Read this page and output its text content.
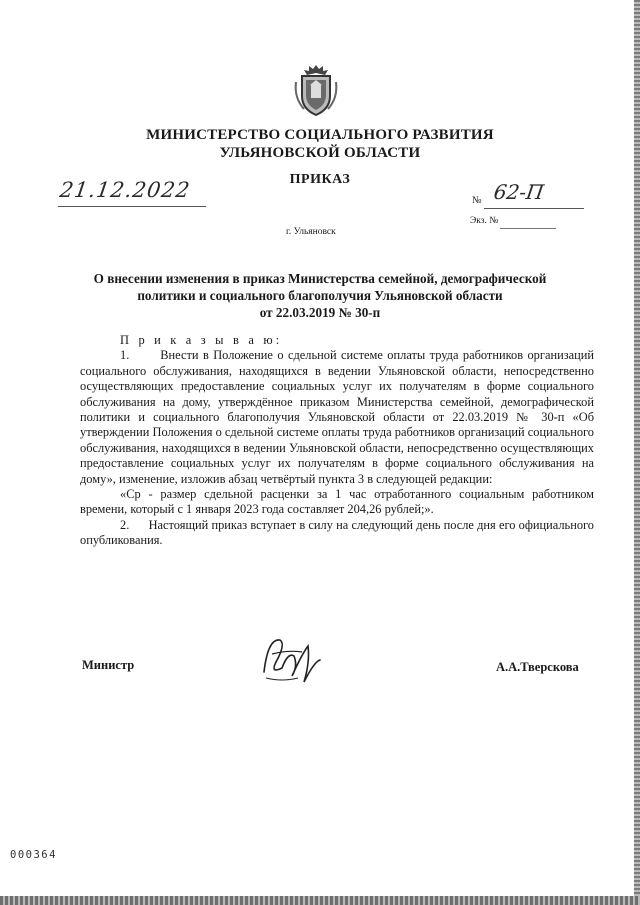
МИНИСТЕРСТВО СОЦИАЛЬНОГО РАЗВИТИЯ
УЛЬЯНОВСКОЙ ОБЛАСТИ
ПРИКАЗ
21.12.2022	№ 62-П
Экз. №
г. Ульяновск
О внесении изменения в приказ Министерства семейной, демографической
политики и социального благополучия Ульяновской области
от 22.03.2019 № 30-п

П р и к а з ы в а ю:

1.       Внести в Положение о сдельной системе оплаты труда работников организаций социального обслуживания, находящихся в ведении Ульяновской области, непосредственно осуществляющих предоставление социальных услуг их получателям в форме социального обслуживания на дому, утверждённое приказом Министерства семейной, демографической политики и социального благополучия Ульяновской области от 22.03.2019 № 30-п «Об утверждении Положения о сдельной системе оплаты труда работников организаций социального обслуживания, находящихся в ведении Ульяновской области, непосредственно осуществляющих предоставление социальных услуг их получателям в форме социального обслуживания на дому», изменение, изложив абзац четвёртый пункта 3 в следующей редакции:

«Ср - размер сдельной расценки за 1 час отработанного социальным работником времени, который с 1 января 2023 года составляет 204,26 рублей;».

2.      Настоящий приказ вступает в силу на следующий день после дня его официального опубликования.

Министр	А.А.Тверскова
000364
